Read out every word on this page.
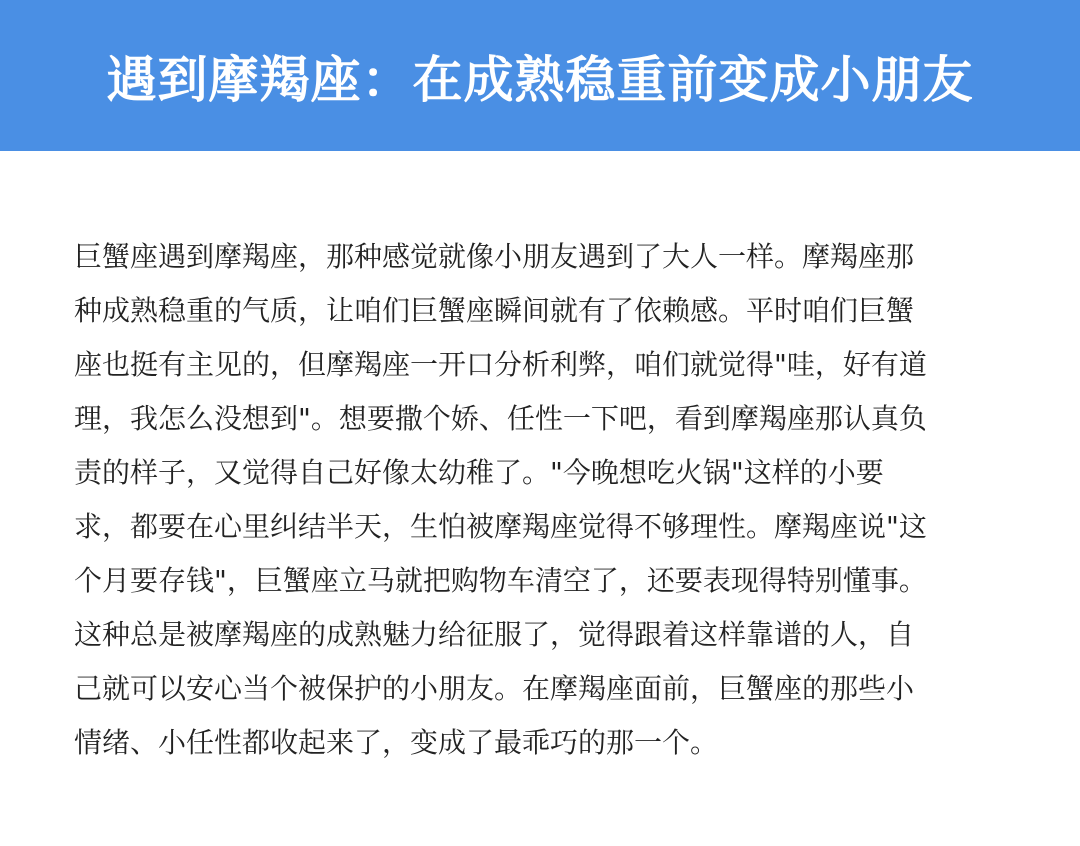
遇到摩羯座：在成熟稳重前变成小朋友
巨蟹座遇到摩羯座，那种感觉就像小朋友遇到了大人一样。摩羯座那
种成熟稳重的气质，让咱们巨蟹座瞬间就有了依赖感。平时咱们巨蟹
座也挺有主见的，但摩羯座一开口分析利弊，咱们就觉得"哇，好有道
理，我怎么没想到"。想要撒个娇、任性一下吧，看到摩羯座那认真负
责的样子，又觉得自己好像太幼稚了。"今晚想吃火锅"这样的小要
求，都要在心里纠结半天，生怕被摩羯座觉得不够理性。摩羯座说"这
个月要存钱"，巨蟹座立马就把购物车清空了，还要表现得特别懂事。
这种总是被摩羯座的成熟魅力给征服了，觉得跟着这样靠谱的人，自
己就可以安心当个被保护的小朋友。在摩羯座面前，巨蟹座的那些小
情绪、小任性都收起来了，变成了最乖巧的那一个。
